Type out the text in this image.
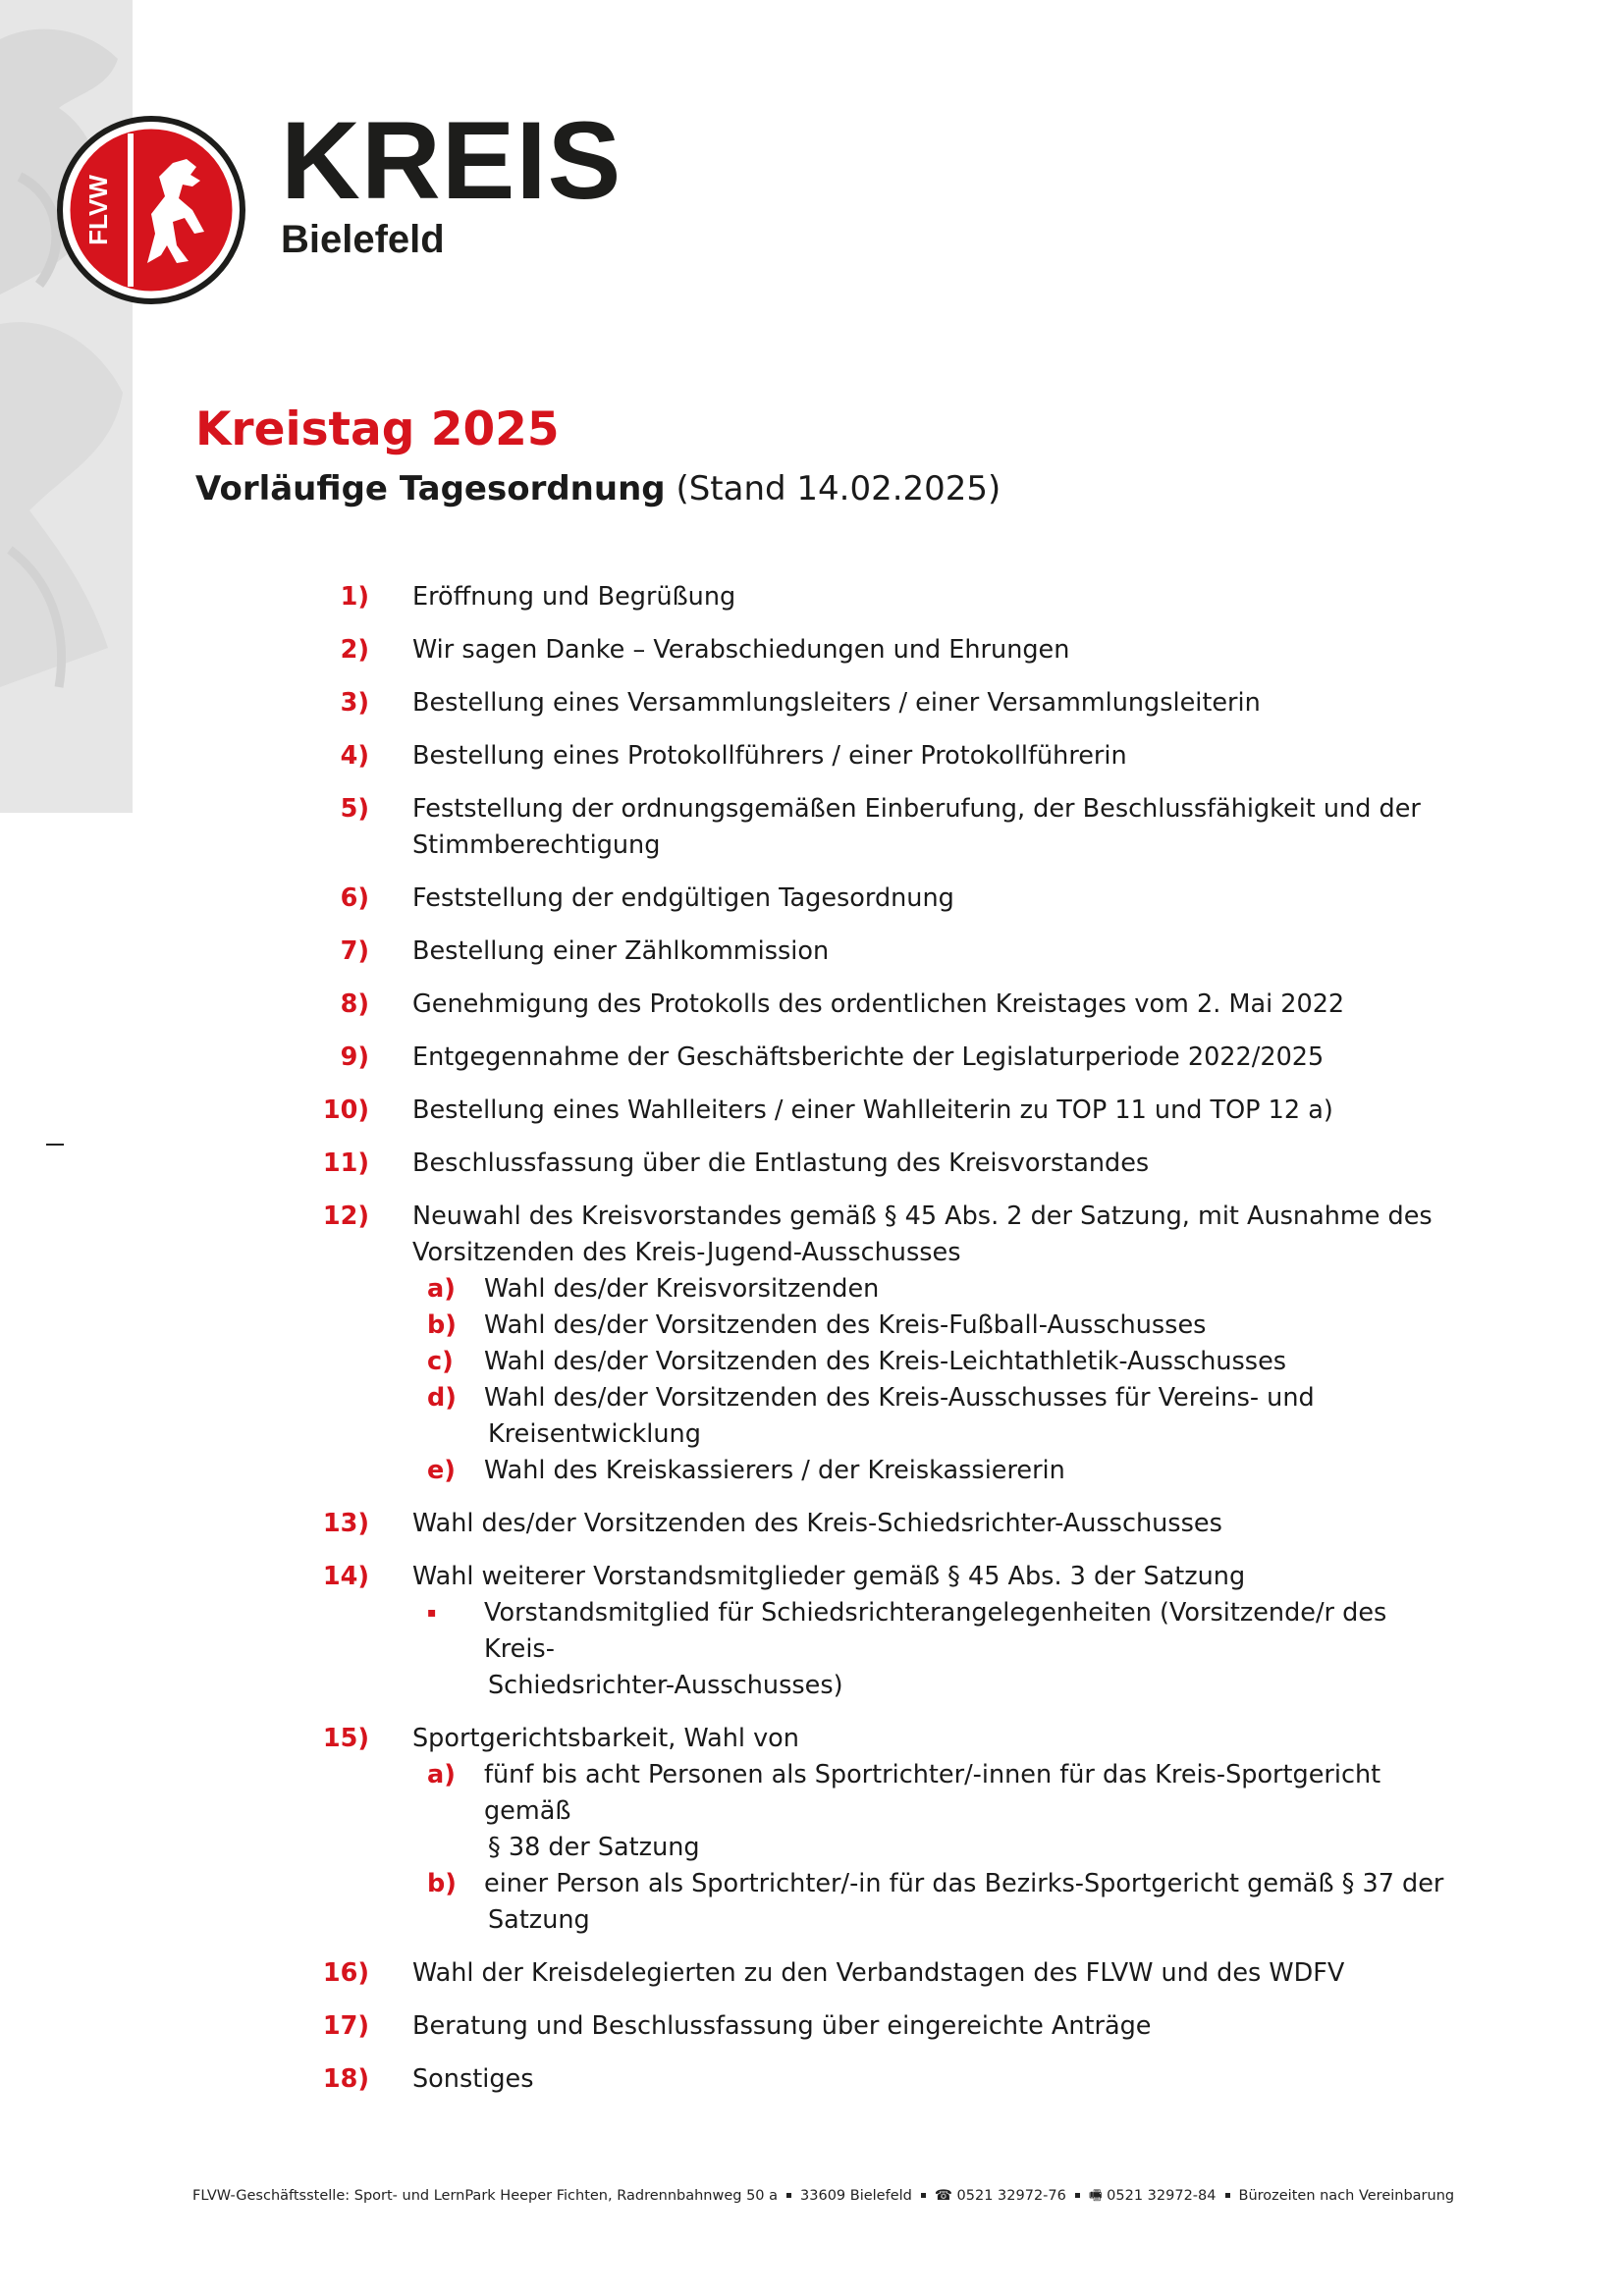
FLVW KREIS
Bielefeld
Kreistag 2025
Vorläufige Tagesordnung (Stand 14.02.2025)
1) Eröffnung und Begrüßung
2) Wir sagen Danke – Verabschiedungen und Ehrungen
3) Bestellung eines Versammlungsleiters / einer Versammlungsleiterin
4) Bestellung eines Protokollführers / einer Protokollführerin
5) Feststellung der ordnungsgemäßen Einberufung, der Beschlussfähigkeit und der Stimmberechtigung
6) Feststellung der endgültigen Tagesordnung
7) Bestellung einer Zählkommission
8) Genehmigung des Protokolls des ordentlichen Kreistages vom 2. Mai 2022
9) Entgegennahme der Geschäftsberichte der Legislaturperiode 2022/2025
10) Bestellung eines Wahlleiters / einer Wahlleiterin zu TOP 11 und TOP 12 a)
11) Beschlussfassung über die Entlastung des Kreisvorstandes
12) Neuwahl des Kreisvorstandes gemäß § 45 Abs. 2 der Satzung, mit Ausnahme des Vorsitzenden des Kreis-Jugend-Ausschusses
a)	Wahl des/der Kreisvorsitzenden
b)	Wahl des/der Vorsitzenden des Kreis-Fußball-Ausschusses
c)	Wahl des/der Vorsitzenden des Kreis-Leichtathletik-Ausschusses
d)	Wahl des/der Vorsitzenden des Kreis-Ausschusses für Vereins- und
Kreisentwicklung
e)	Wahl des Kreiskassierers / der Kreiskassiererin
13) Wahl des/der Vorsitzenden des Kreis-Schiedsrichter-Ausschusses
14) Wahl weiterer Vorstandsmitglieder gemäß § 45 Abs. 3 der Satzung
▪	Vorstandsmitglied für Schiedsrichterangelegenheiten (Vorsitzende/r des Kreis-
Schiedsrichter-Ausschusses)
15) Sportgerichtsbarkeit, Wahl von
a)	fünf bis acht Personen als Sportrichter/-innen für das Kreis-Sportgericht gemäß
§ 38 der Satzung
b)	einer Person als Sportrichter/-in für das Bezirks-Sportgericht gemäß § 37 der
Satzung
16) Wahl der Kreisdelegierten zu den Verbandstagen des FLVW und des WDFV
17) Beratung und Beschlussfassung über eingereichte Anträge
18) Sonstiges
FLVW-Geschäftsstelle: Sport- und LernPark Heeper Fichten, Radrennbahnweg 50 a 33609 Bielefeld ☎ 0521 32972-76 🖷 0521 32972-84 Bürozeiten nach Vereinbarung
